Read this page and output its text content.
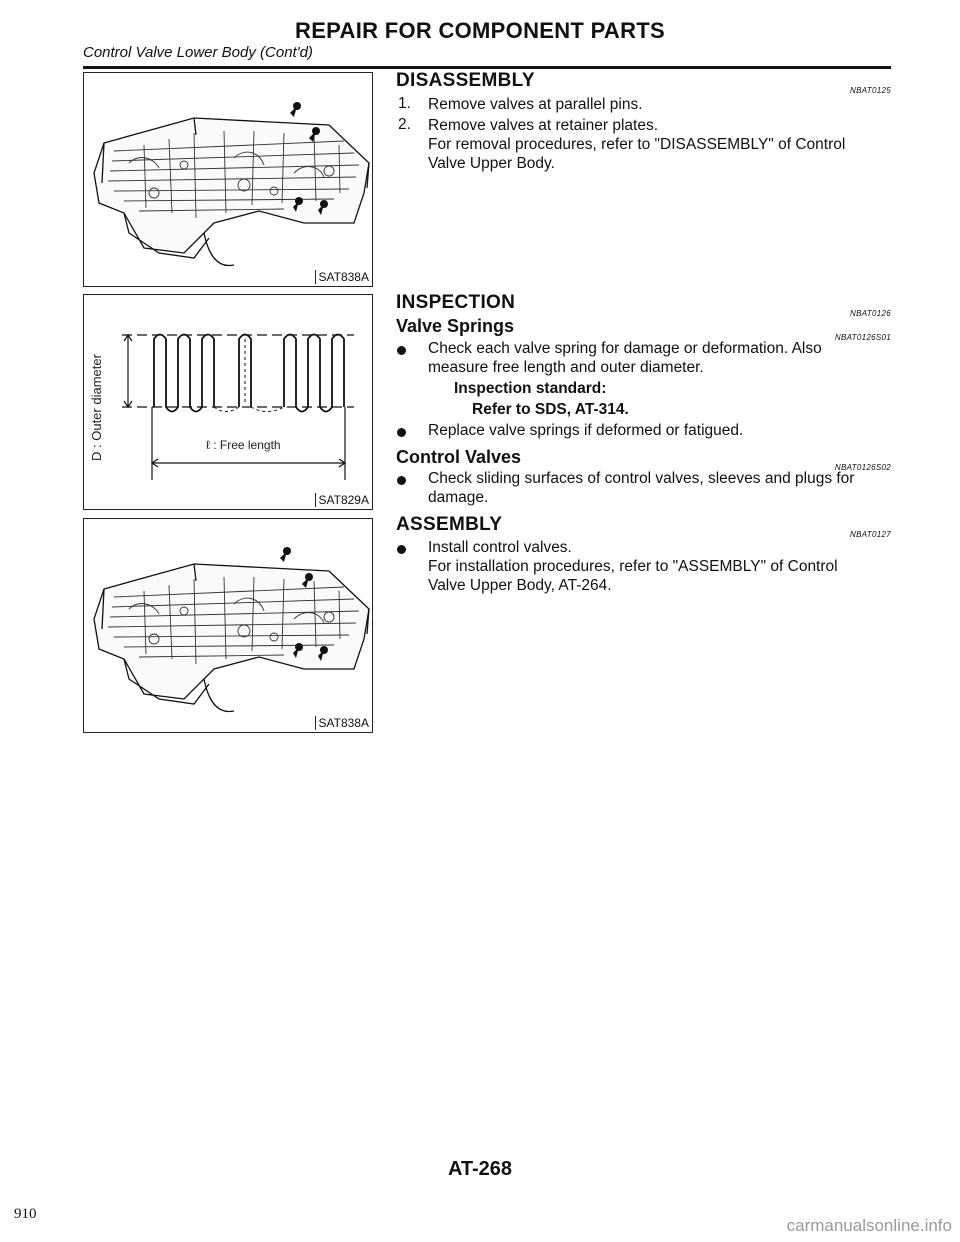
REPAIR FOR COMPONENT PARTS
Control Valve Lower Body (Cont'd)
SAT838A
D : Outer diameter	ℓ : Free length
SAT829A
SAT838A
DISASSEMBLY	NBAT0125
1. Remove valves at parallel pins.
2. Remove valves at retainer plates.
For removal procedures, refer to "DISASSEMBLY" of Control
Valve Upper Body.
INSPECTION
NBAT0126
Valve Springs
NBAT0126S01
Check each valve spring for damage or deformation. Also
measure free length and outer diameter.
Inspection standard:
Refer to SDS, AT-314.
Replace valve springs if deformed or fatigued.
Control Valves
NBAT0126S02
Check sliding surfaces of control valves, sleeves and plugs for
damage.
ASSEMBLY	NBAT0127
Install control valves.
For installation procedures, refer to "ASSEMBLY" of Control
Valve Upper Body, AT-264.
AT-268
910
carmanualsonline.info
